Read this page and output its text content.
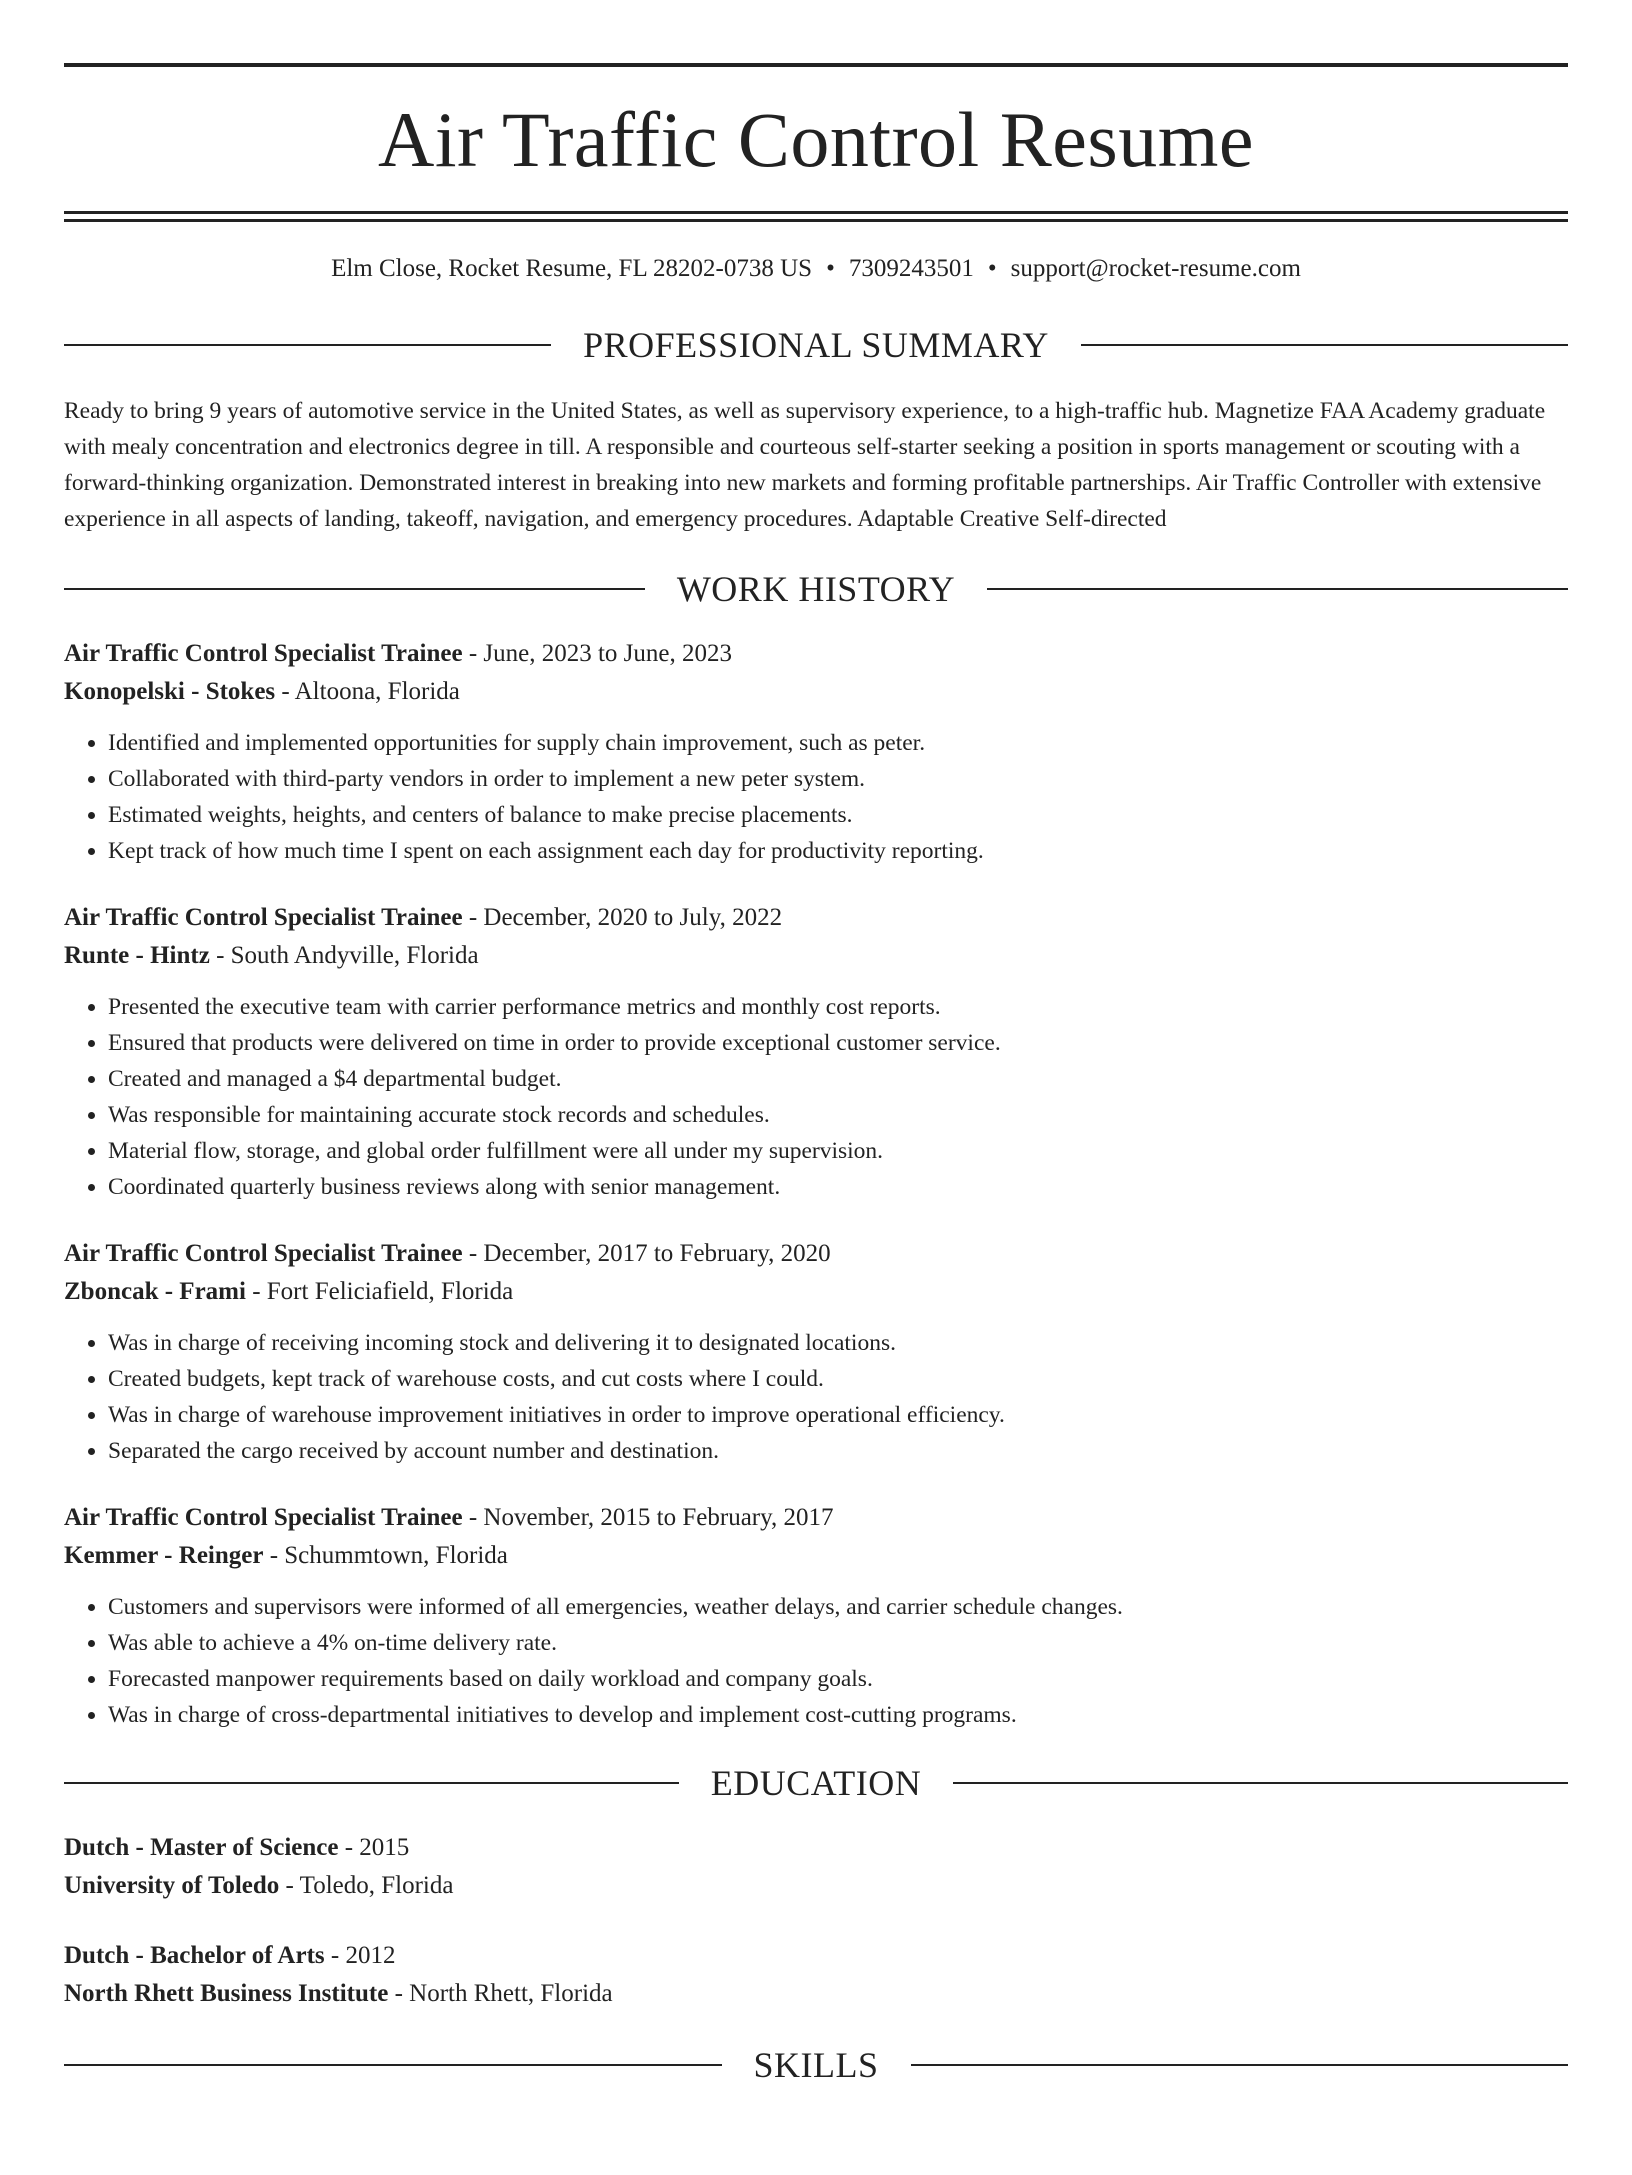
Air Traffic Control Resume
Elm Close, Rocket Resume, FL 28202-0738 US • 7309243501 • support@rocket-resume.com
PROFESSIONAL SUMMARY
Ready to bring 9 years of automotive service in the United States, as well as supervisory experience, to a high-traffic hub. Magnetize FAA Academy graduate with mealy concentration and electronics degree in till. A responsible and courteous self-starter seeking a position in sports management or scouting with a forward-thinking organization. Demonstrated interest in breaking into new markets and forming profitable partnerships. Air Traffic Controller with extensive experience in all aspects of landing, takeoff, navigation, and emergency procedures. Adaptable Creative Self-directed
WORK HISTORY
Air Traffic Control Specialist Trainee - June, 2023 to June, 2023
Konopelski - Stokes - Altoona, Florida
• Identified and implemented opportunities for supply chain improvement, such as peter.
• Collaborated with third-party vendors in order to implement a new peter system.
• Estimated weights, heights, and centers of balance to make precise placements.
• Kept track of how much time I spent on each assignment each day for productivity reporting.
Air Traffic Control Specialist Trainee - December, 2020 to July, 2022
Runte - Hintz - South Andyville, Florida
• Presented the executive team with carrier performance metrics and monthly cost reports.
• Ensured that products were delivered on time in order to provide exceptional customer service.
• Created and managed a $4 departmental budget.
• Was responsible for maintaining accurate stock records and schedules.
• Material flow, storage, and global order fulfillment were all under my supervision.
• Coordinated quarterly business reviews along with senior management.
Air Traffic Control Specialist Trainee - December, 2017 to February, 2020
Zboncak - Frami - Fort Feliciafield, Florida
• Was in charge of receiving incoming stock and delivering it to designated locations.
• Created budgets, kept track of warehouse costs, and cut costs where I could.
• Was in charge of warehouse improvement initiatives in order to improve operational efficiency.
• Separated the cargo received by account number and destination.
Air Traffic Control Specialist Trainee - November, 2015 to February, 2017
Kemmer - Reinger - Schummtown, Florida
• Customers and supervisors were informed of all emergencies, weather delays, and carrier schedule changes.
• Was able to achieve a 4% on-time delivery rate.
• Forecasted manpower requirements based on daily workload and company goals.
• Was in charge of cross-departmental initiatives to develop and implement cost-cutting programs.
EDUCATION
Dutch - Master of Science - 2015
University of Toledo - Toledo, Florida
Dutch - Bachelor of Arts - 2012
North Rhett Business Institute - North Rhett, Florida
SKILLS
